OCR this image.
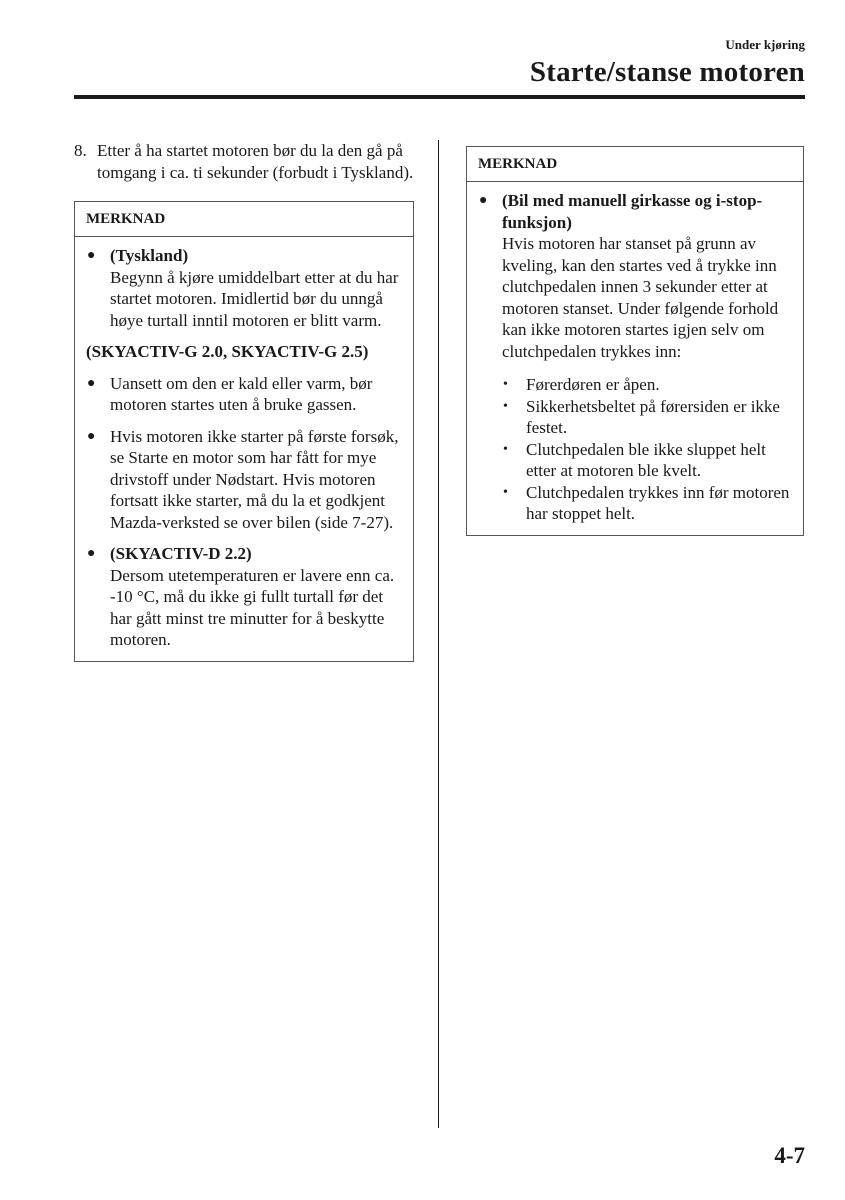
Under kjøring
Starte/stanse motoren
8. Etter å ha startet motoren bør du la den gå på tomgang i ca. ti sekunder (forbudt i Tyskland).
MERKNAD
● (Tyskland)
Begynn å kjøre umiddelbart etter at du har startet motoren. Imidlertid bør du unngå høye turtall inntil motoren er blitt varm.
(SKYACTIV-G 2.0, SKYACTIV-G 2.5)
● Uansett om den er kald eller varm, bør motoren startes uten å bruke gassen.
● Hvis motoren ikke starter på første forsøk, se Starte en motor som har fått for mye drivstoff under Nødstart. Hvis motoren fortsatt ikke starter, må du la et godkjent Mazda-verksted se over bilen (side 7-27).
● (SKYACTIV-D 2.2)
Dersom utetemperaturen er lavere enn ca. -10 °C, må du ikke gi fullt turtall før det har gått minst tre minutter for å beskytte motoren.
MERKNAD
● (Bil med manuell girkasse og i-stop-funksjon)
Hvis motoren har stanset på grunn av kveling, kan den startes ved å trykke inn clutchpedalen innen 3 sekunder etter at motoren stanset. Under følgende forhold kan ikke motoren startes igjen selv om clutchpedalen trykkes inn:
•	Førerdøren er åpen.
•	Sikkerhetsbeltet på førersiden er ikke festet.
•	Clutchpedalen ble ikke sluppet helt etter at motoren ble kvelt.
•	Clutchpedalen trykkes inn før motoren har stoppet helt.
4-7
